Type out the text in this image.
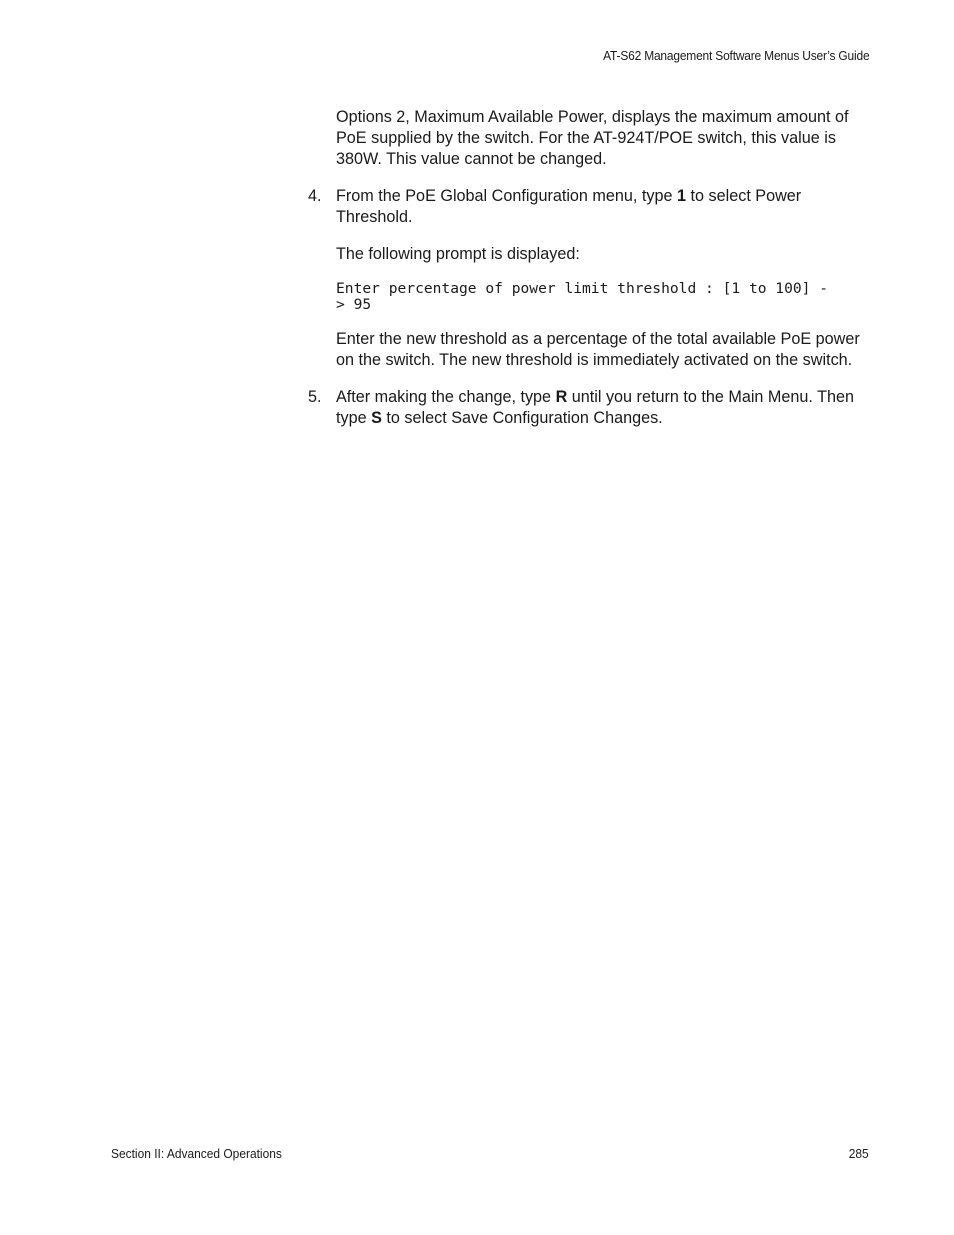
AT-S62 Management Software Menus User’s Guide

Options 2, Maximum Available Power, displays the maximum amount of PoE supplied by the switch. For the AT-924T/POE switch, this value is 380W. This value cannot be changed.

4. From the PoE Global Configuration menu, type 1 to select Power Threshold.

The following prompt is displayed:

Enter percentage of power limit threshold : [1 to 100] -
> 95

Enter the new threshold as a percentage of the total available PoE power on the switch. The new threshold is immediately activated on the switch.

5. After making the change, type R until you return to the Main Menu. Then type S to select Save Configuration Changes.
Section II: Advanced Operations	285
